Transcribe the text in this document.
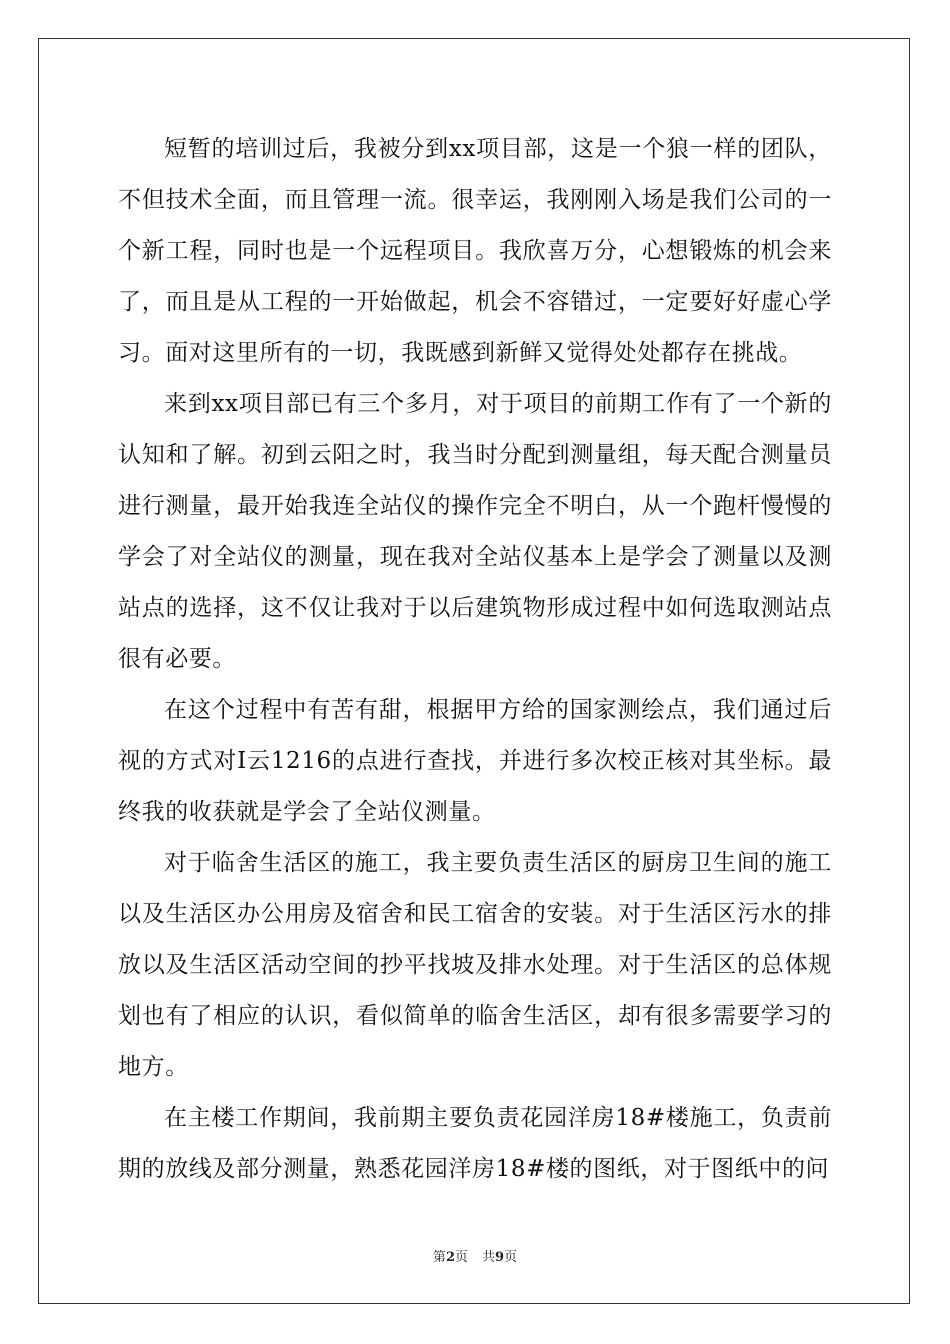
短暂的培训过后，我被分到xx项目部，这是一个狼一样的团队，不但技术全面，而且管理一流。很幸运，我刚刚入场是我们公司的一个新工程，同时也是一个远程项目。我欣喜万分，心想锻炼的机会来了，而且是从工程的一开始做起，机会不容错过，一定要好好虚心学习。面对这里所有的一切，我既感到新鲜又觉得处处都存在挑战。

来到xx项目部已有三个多月，对于项目的前期工作有了一个新的认知和了解。初到云阳之时，我当时分配到测量组，每天配合测量员进行测量，最开始我连全站仪的操作完全不明白，从一个跑杆慢慢的学会了对全站仪的测量，现在我对全站仪基本上是学会了测量以及测站点的选择，这不仅让我对于以后建筑物形成过程中如何选取测站点很有必要。

在这个过程中有苦有甜，根据甲方给的国家测绘点，我们通过后视的方式对Ⅰ云1216的点进行查找，并进行多次校正核对其坐标。最终我的收获就是学会了全站仪测量。

对于临舍生活区的施工，我主要负责生活区的厨房卫生间的施工以及生活区办公用房及宿舍和民工宿舍的安装。对于生活区污水的排放以及生活区活动空间的抄平找坡及排水处理。对于生活区的总体规划也有了相应的认识，看似简单的临舍生活区，却有很多需要学习的地方。

在主楼工作期间，我前期主要负责花园洋房18#楼施工，负责前期的放线及部分测量，熟悉花园洋房18#楼的图纸，对于图纸中的问

第2页 共9页
